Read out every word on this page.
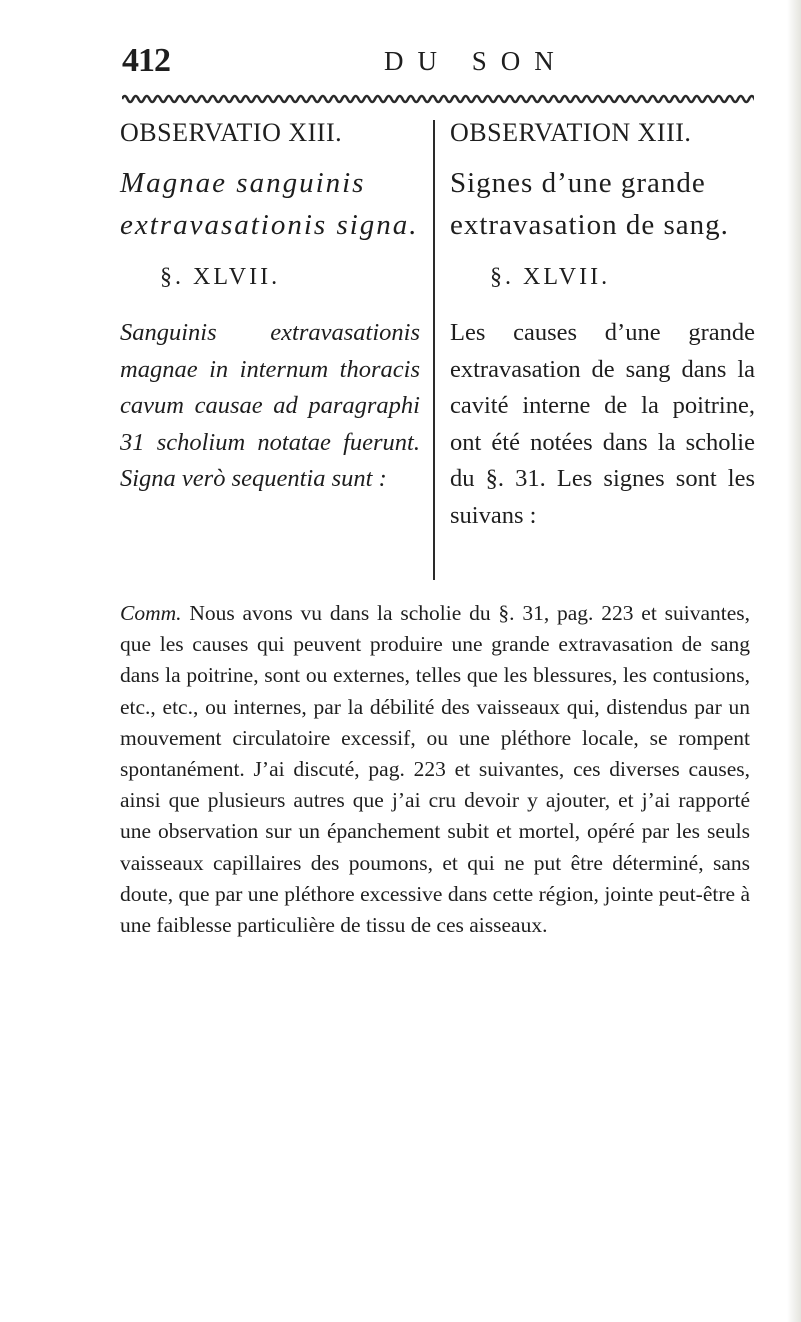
412	DU SON
OBSERVATIO XIII.

Magnae sanguinis extravasationis signa.

§. XLVII.

Sanguinis extravasationis magnae in internum thoracis cavum causae ad paragraphi 31 scholium notatae fuerunt. Signa verò sequentia sunt :

OBSERVATION XIII.

Signes d’une grande extravasation de sang.

§. XLVII.

Les causes d’une grande extravasation de sang dans la cavité interne de la poitrine, ont été notées dans la scholie du §. 31. Les signes sont les suivans :

Comm. Nous avons vu dans la scholie du §. 31, pag. 223 et suivantes, que les causes qui peuvent produire une grande extravasation de sang dans la poitrine, sont ou externes, telles que les blessures, les contusions, etc., etc., ou internes, par la débilité des vaisseaux qui, distendus par un mouvement circulatoire excessif, ou une pléthore locale, se rompent spontanément. J’ai discuté, pag. 223 et suivantes, ces diverses causes, ainsi que plusieurs autres que j’ai cru devoir y ajouter, et j’ai rapporté une observation sur un épanchement subit et mortel, opéré par les seuls vaisseaux capillaires des poumons, et qui ne put être déterminé, sans doute, que par une pléthore excessive dans cette région, jointe peut-être à une faiblesse particulière de tissu de ces aisseaux.
